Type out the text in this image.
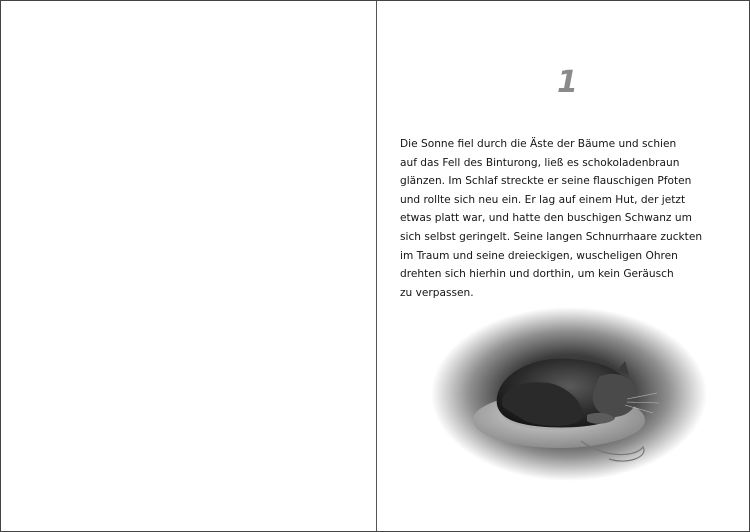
1

Die Sonne fiel durch die Äste der Bäume und schien
auf das Fell des Binturong, ließ es schokoladenbraun
glänzen. Im Schlaf streckte er seine flauschigen Pfoten
und rollte sich neu ein. Er lag auf einem Hut, der jetzt
etwas platt war, und hatte den buschigen Schwanz um
sich selbst geringelt. Seine langen Schnurrhaare zuckten
im Traum und seine dreieckigen, wuscheligen Ohren
drehten sich hierhin und dorthin, um kein Geräusch
zu verpassen.
